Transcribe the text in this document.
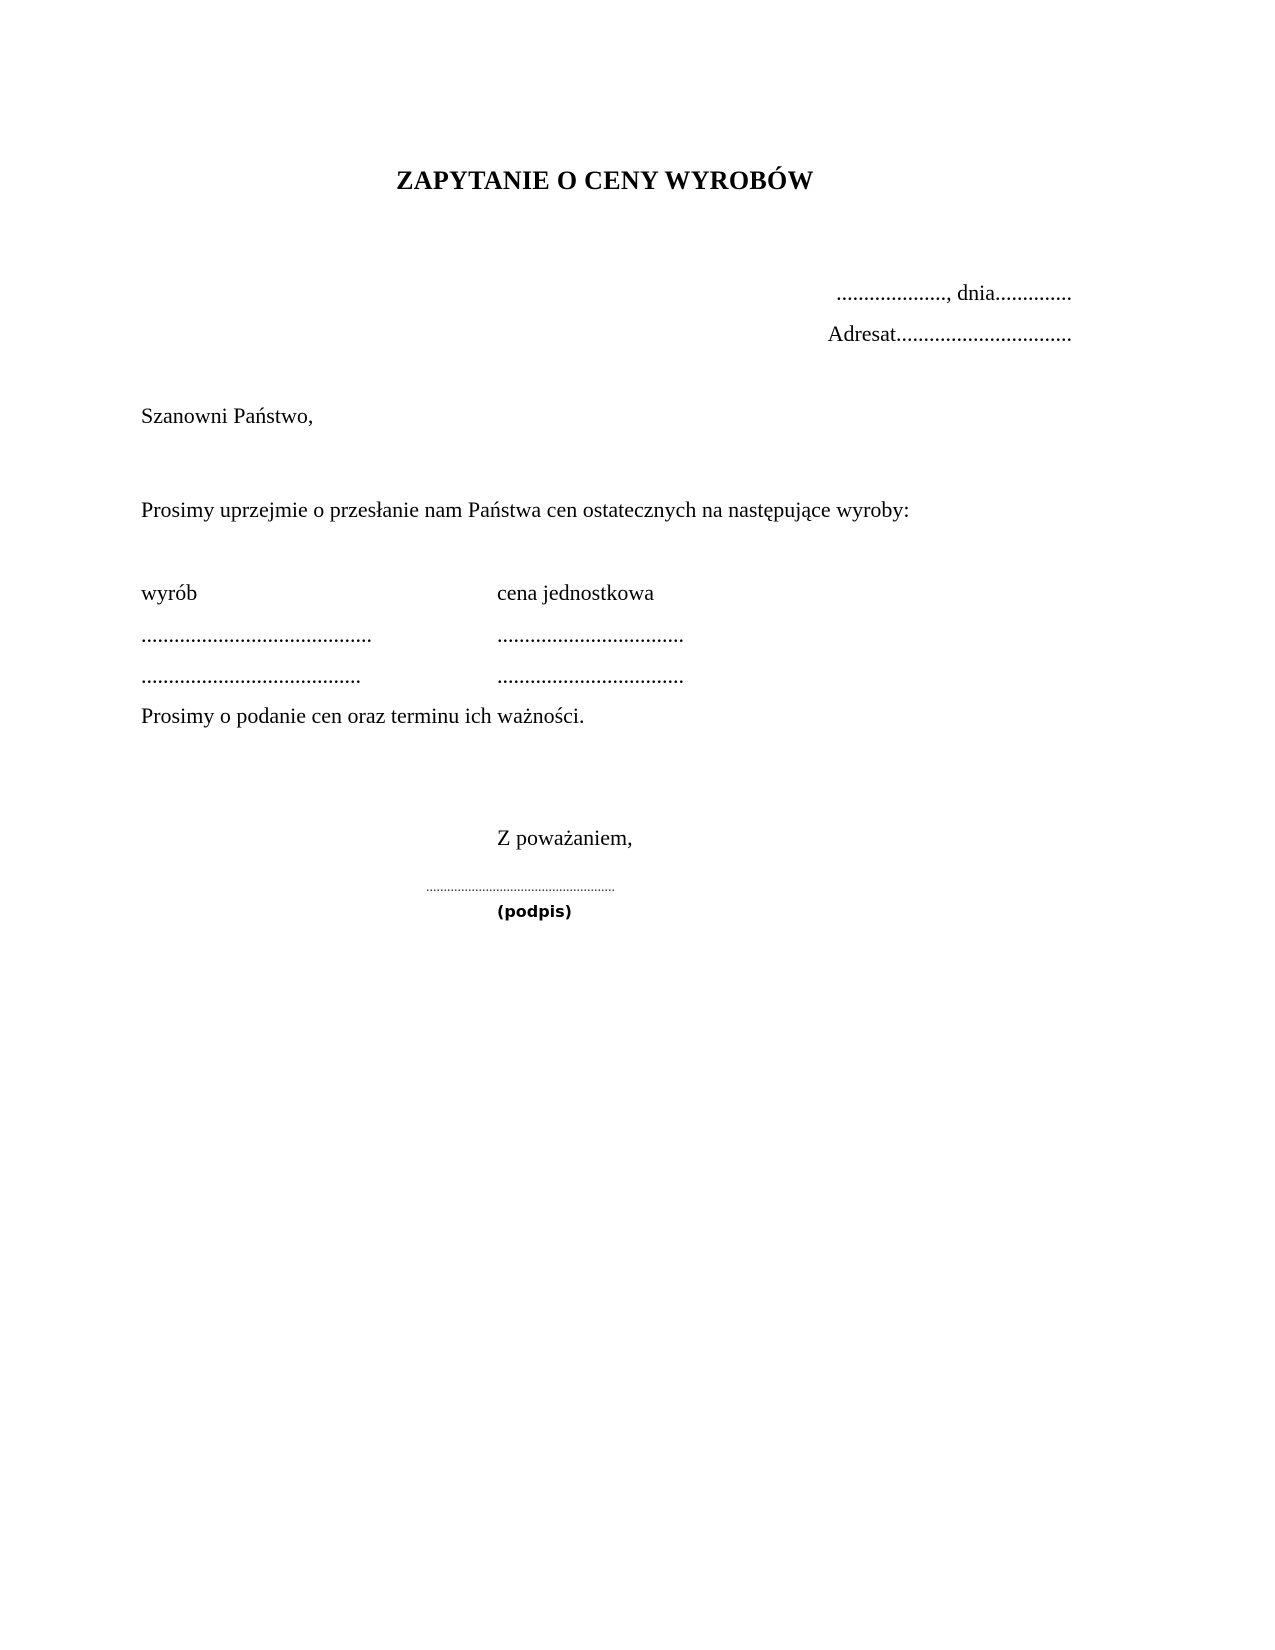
ZAPYTANIE O CENY WYROBÓW
...................., dnia..............
Adresat................................
Szanowni Państwo,
Prosimy uprzejmie o przesłanie nam Państwa cen ostatecznych na następujące wyroby:
wyrób	cena jednostkowa
..........................................	..................................
........................................	..................................
Prosimy o podanie cen oraz terminu ich ważności.
Z poważaniem,
......................................................
(podpis)
